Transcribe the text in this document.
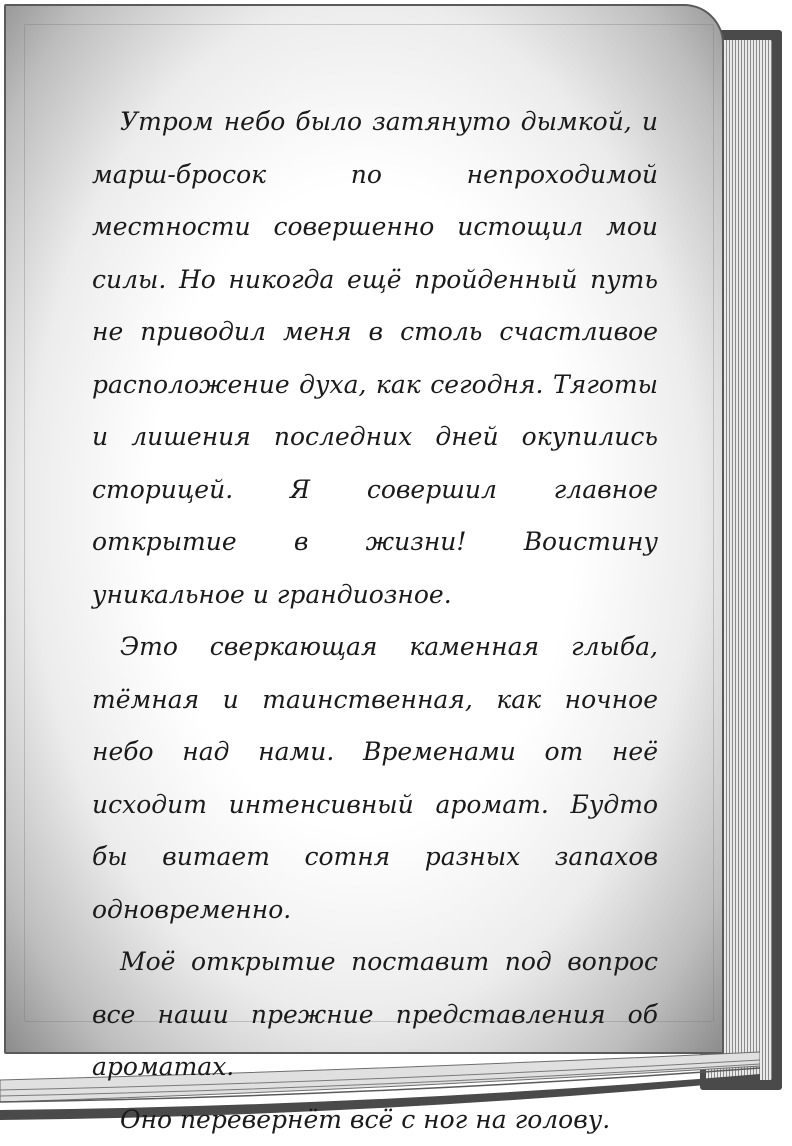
Утром небо было затянуто дымкой, и марш-бросок по непроходимой местности совершенно истощил мои силы. Но никогда ещё пройденный путь не приводил меня в столь счастливое расположение духа, как сегодня. Тяготы и лишения последних дней окупились сторицей. Я совершил главное открытие в жизни! Воистину уникальное и грандиозное.

Это сверкающая каменная глыба, тёмная и таинственная, как ночное небо над нами. Временами от неё исходит интенсивный аромат. Будто бы витает сотня разных запахов одновременно.

Моё открытие поставит под вопрос все наши прежние представления об ароматах.

Оно перевернёт всё с ног на голову.
